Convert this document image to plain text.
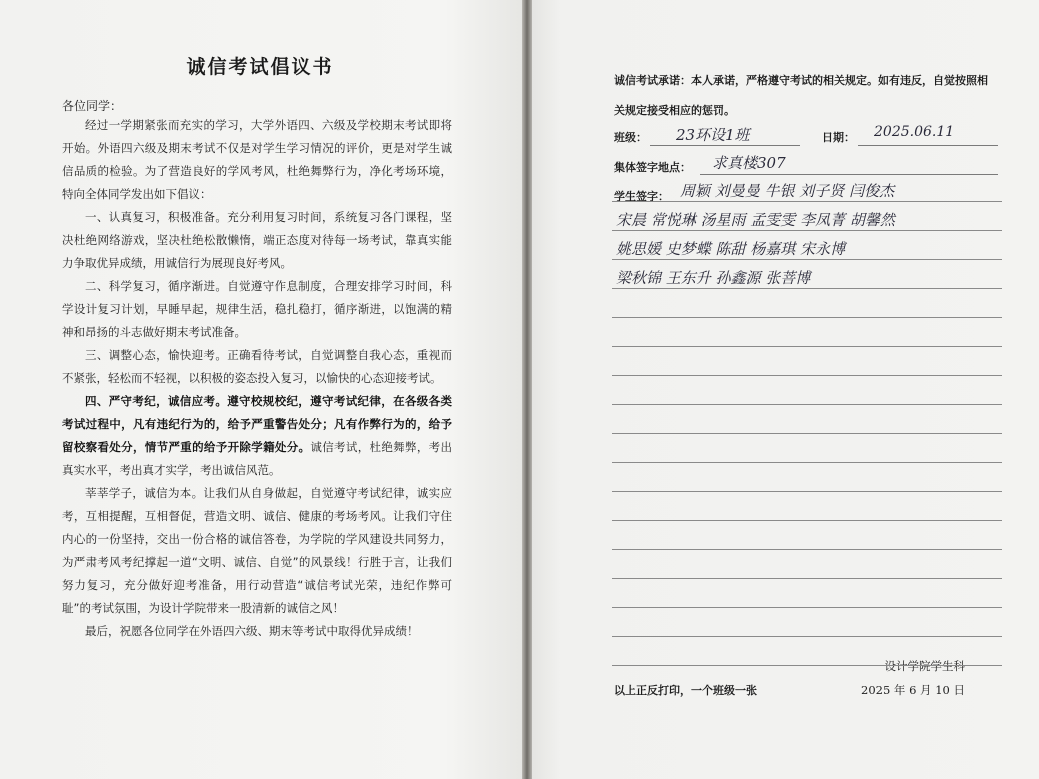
诚信考试倡议书
各位同学：

经过一学期紧张而充实的学习，大学外语四、六级及学校期末考试即将开始。外语四六级及期末考试不仅是对学生学习情况的评价，更是对学生诚信品质的检验。为了营造良好的学风考风，杜绝舞弊行为，净化考场环境，特向全体同学发出如下倡议：

一、认真复习，积极准备。充分利用复习时间，系统复习各门课程，坚决杜绝网络游戏，坚决杜绝松散懒惰，端正态度对待每一场考试，靠真实能力争取优异成绩，用诚信行为展现良好考风。

二、科学复习，循序渐进。自觉遵守作息制度，合理安排学习时间，科学设计复习计划，早睡早起，规律生活，稳扎稳打，循序渐进，以饱满的精神和昂扬的斗志做好期末考试准备。

三、调整心态，愉快迎考。正确看待考试，自觉调整自我心态，重视而不紧张，轻松而不轻视，以积极的姿态投入复习，以愉快的心态迎接考试。

四、严守考纪，诚信应考。遵守校规校纪，遵守考试纪律，在各级各类考试过程中，凡有违纪行为的，给予严重警告处分；凡有作弊行为的，给予留校察看处分，情节严重的给予开除学籍处分。诚信考试，杜绝舞弊，考出真实水平，考出真才实学，考出诚信风范。

莘莘学子，诚信为本。让我们从自身做起，自觉遵守考试纪律，诚实应考，互相提醒，互相督促，营造文明、诚信、健康的考场考风。让我们守住内心的一份坚持，交出一份合格的诚信答卷，为学院的学风建设共同努力，为严肃考风考纪撑起一道“文明、诚信、自觉”的风景线！行胜于言，让我们努力复习，充分做好迎考准备，用行动营造“诚信考试光荣，违纪作弊可耻”的考试氛围，为设计学院带来一股清新的诚信之风！

最后，祝愿各位同学在外语四六级、期末等考试中取得优异成绩！

设计学院学生科
2025 年 6 月 10 日
诚信考试承诺：本人承诺，严格遵守考试的相关规定。如有违反，自觉按照相关规定接受相应的惩罚。
班级： 23环设1班	日期： 2025.06.11
集体签字地点： 求真楼307
学生签字： 周颖 刘曼曼 牛银 刘子贤 闫俊杰
宋晨 常悦琳 汤星雨 孟雯雯 李凤菁 胡馨然
姚思媛 史梦蝶 陈甜 杨嘉琪 宋永博
梁秋锦 王东升 孙鑫源 张菩博
以上正反打印，一个班级一张
